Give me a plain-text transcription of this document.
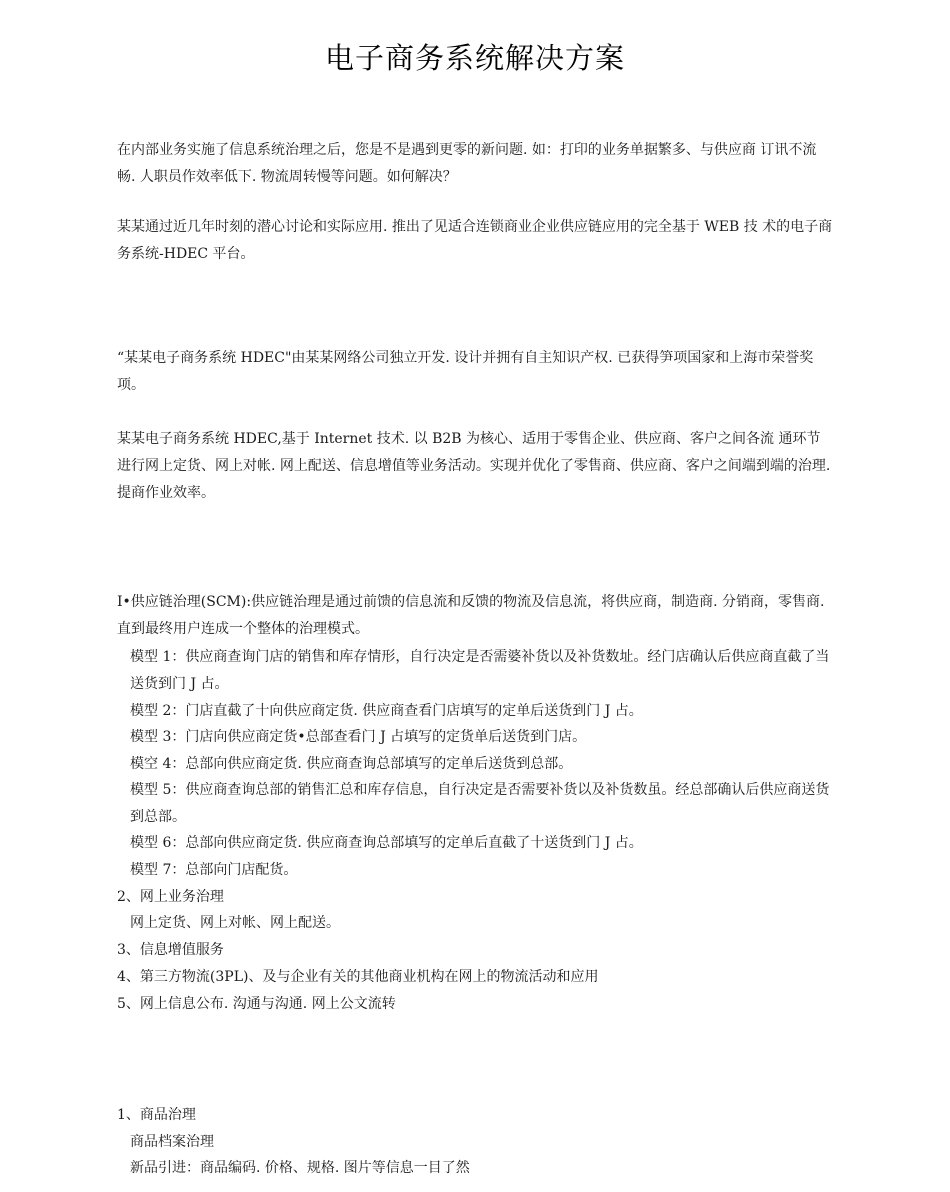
电子商务系统解决方案

在内部业务实施了信息系统治理之后，您是不是遇到更零的新问题. 如：打印的业务单据繁多、与供应商 订讯不流畅. 人职员作效率低下. 物流周转慢等问题。如何解决？

某某通过近几年时刻的潜心讨论和实际应用. 推出了见适合连锁商业企业供应链应用的完全基于 WEB 技 术的电子商务系统-HDEC 平台。

“某某电子商务系统 HDEC"由某某网络公司独立开发. 设计并拥有自主知识产权. 已获得笋项国家和上海市荣誉奖项。

某某电子商务系统 HDEC,基于 Internet 技术. 以 B2B 为核心、适用于零售企业、供应商、客户之间各流 通环节进行网上定货、网上对帐. 网上配送、信息增值等业务活动。实现并优化了零售商、供应商、客户之间端到端的治理. 提商作业效率。

I•供应链治理(SCM):供应链治理是通过前馈的信息流和反馈的物流及信息流，将供应商，制造商. 分销商，零售商. 直到最终用户连成一个整体的治理模式。

模型 1：供应商查询门店的销售和库存情形，自行决定是否需婆补货以及补货数址。经门店确认后供应商直截了当送货到门 J 占。

模型 2：门店直截了十向供应商定货. 供应商查看门店填写的定单后送货到门 J 占。

模型 3：门店向供应商定货•总部查看门 J 占填写的定货单后送货到门店。

模空 4：总部向供应商定货. 供应商查询总部填写的定单后送货到总部。

模型 5：供应商查询总部的销售汇总和库存信息，自行决定是否需要补货以及补货数虽。经总部确认后供应商送货到总部。

模型 6：总部向供应商定货. 供应商查询总部填写的定单后直截了十送货到门 J 占。

模型 7：总部向门店配货。

2、网上业务治理

网上定货、网上对帐、网上配送。

3、信息增值服务

4、第三方物流(3PL)、及与企业有关的其他商业机构在网上的物流活动和应用

5、网上信息公布. 沟通与沟通. 网上公文流转

1、商品治理

商品档案治理

新品引进：商品编码. 价格、规格. 图片等信息一目了然
